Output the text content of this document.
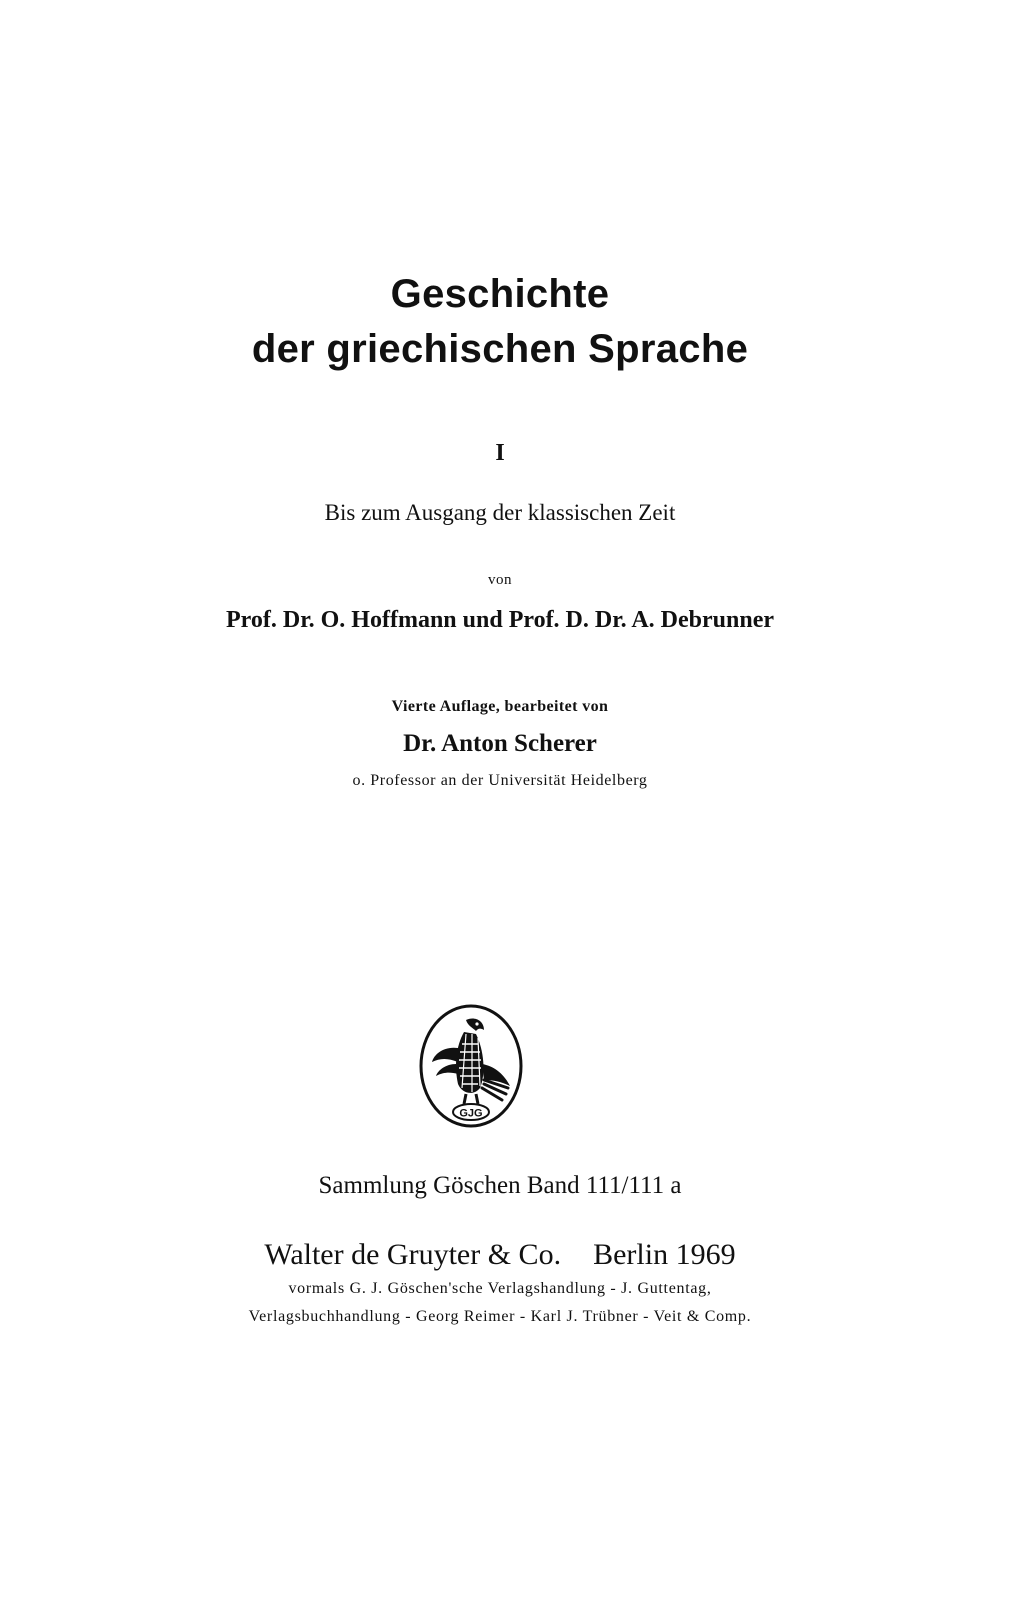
Geschichte
der griechischen Sprache
I
Bis zum Ausgang der klassischen Zeit
von
Prof. Dr. O. Hoffmann und Prof. D. Dr. A. Debrunner
Vierte Auflage, bearbeitet von
Dr. Anton Scherer
o. Professor an der Universität Heidelberg
GJG
Sammlung Göschen Band 111/111 a
Walter de Gruyter & Co. Berlin 1969
vormals G. J. Göschen'sche Verlagshandlung - J. Guttentag,
Verlagsbuchhandlung - Georg Reimer - Karl J. Trübner - Veit & Comp.
